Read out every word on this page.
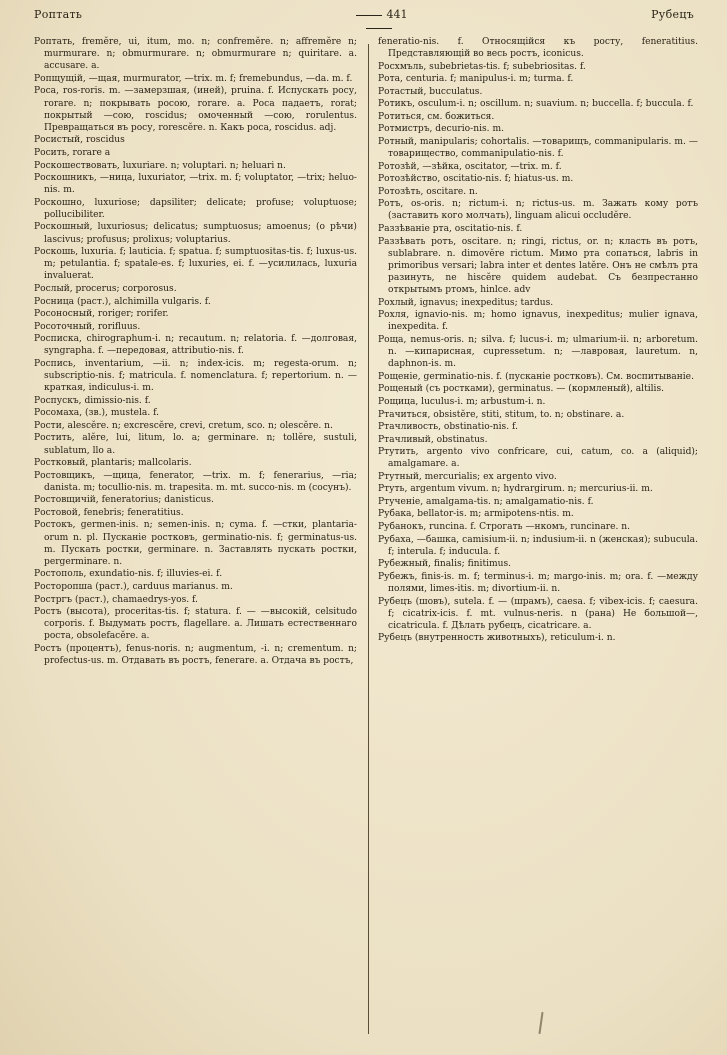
Роптать	441	Рубецъ
Роптать, fremĕre, ui, itum, mo. n; confremĕre. n; affremĕre n; murmurare. n; obmurmurare. n; obmurmurare n; quiritare. a. accusare. a.
Ропщущій, —щая, murmurator, —trix. m. f; fremebundus, —da. m. f.
Роса, ros-roris. m. —замерзшая, (иней), pruina. f. Испускать росу, rorare. n; покрывать росою, rorare. a. Роса падаетъ, rorat; покрытый —сою, roscidus; омоченный —сою, rorulentus. Превращаться въ росу, rorescĕre. n. Какъ роса, roscidus. adj.
Росистый, roscidus
Росить, rorare a
Роскошествовать, luxuriare. n; voluptari. n; heluari n.
Роскошникъ, —ница, luxuriator, —trix. m. f; voluptator, —trix; heluo-nis. m.
Роскошно, luxuriose; dapsiliter; delicate; profuse; voluptuose; pollucibiliter.
Роскошный, luxuriosus; delicatus; sumptuosus; amoenus; (о рѣчи) lascivus; profusus; prolixus; voluptarius.
Роскошь, luxuria. f; lauticia. f; spatua. f; sumptuositas-tis. f; luxus-us. m; petulantia. f; spatale-es. f; luxuries, ei. f. —усилилась, luxuria invaluerat.
Рослый, procerus; corporosus.
Росница (раст.), alchimilla vulgaris. f.
Росоносный, roriger; rorifer.
Росоточный, rorifluus.
Роспиcка, chirographum-i. n; recautum. n; relatoria. f. —долговая, syngrapha. f. —передовая, attributio-nis. f.
Роспись, inventarium, —ii. n; index-icis. m; regesta-orum. n; subscriptio-nis. f; matricula. f. nomenclatura. f; repertorium. n. —краткая, indiculus-i. m.
Роспускъ, dimissio-nis. f.
Росомаха, (зв.), mustela. f.
Рости, alescĕre. n; excrescĕre, crevi, cretum, sco. n; olescĕre. n.
Ростить, alĕre, lui, litum, lo. a; germinare. n; tollĕre, sustuli, sublatum, llo a.
Ростковый, plantaris; mallcolaris.
Ростовщикъ, —щица, fenerator, —trix. m. f; fenerarius, —ria; danista. m; tocullio-nis. m. trapesita. m. mt. succo-nis. m (сосунъ).
Ростовщичій, feneratorius; danisticus.
Ростовой, fenebris; feneratitius.
Ростокъ, germen-inis. n; semen-inis. n; cyma. f. —стки, plantaria-orum n. pl. Пусканіе ростковъ, germinatio-nis. f; germinatus-us. m. Пускать ростки, germinare. n. Заставлять пускать ростки, pergerminare. n.
Ростополь, exundatio-nis. f; illuvies-ei. f.
Росторопша (раст.), carduus marianus. m.
Ростргъ (раст.), chamaedrys-yos. f.
Ростъ (высота), proceritas-tis. f; statura. f. — —высокій, celsitudo corporis. f. Выдумать ростъ, flagellare. a. Лишать естественнаго роста, obsolefacĕre. a.
Ростъ (процентъ), fenus-noris. n; augmentum, -i. n; crementum. n; profectus-us. m. Отдавать въ ростъ, fenerare. a. Отдача въ ростъ,
feneratio-nis. f. Относящійся къ росту, feneratitius. Представляющій во весь ростъ, iconicus.
Росхмъль, subebrietas-tis. f; subebriositas. f.
Рота, centuria. f; manipulus-i. m; turma. f.
Ротастый, bucculatus.
Ротикъ, osculum-i. n; oscillum. n; suavium. n; buccella. f; buccula. f.
Ротиться, см. божиться.
Ротмистръ, decurio-nis. m.
Ротный, manipularis; cohortalis. —товарищъ, commanipularis. m. —товарищество, commanipulatio-nis. f.
Ротозѣй, —зѣйка, oscitator, —trix. m. f.
Ротозѣйство, oscitatio-nis. f; hiatus-us. m.
Ротозѣть, oscitare. n.
Ротъ, os-oris. n; rictum-i. n; rictus-us. m. Зажать кому ротъ (заставить кого молчать), linguam alicui occludĕre.
Раззѣваніе рта, oscitatio-nis. f.
Раззѣвать ротъ, oscitare. n; ringi, rictus, or. n; класть въ ротъ, sublabrare. n. dimovĕre rictum. Мимо рта сопаться, labris in primoribus versari; labra inter et dentes latĕre. Онъ не смѣлъ рта разинуть, ne hiscĕre quidem audebat. Съ безпрестанно открытымъ ртомъ, hinlce. adv
Рохлый, ignavus; inexpeditus; tardus.
Рохля, ignavio-nis. m; homo ignavus, inexpeditus; mulier ignava, inexpedita. f.
Роща, nemus-oris. n; silva. f; lucus-i. m; ulmarium-ii. n; arboretum. n. —кипарисная, cupressetum. n; —лавровая, lauretum. n, daphnon-is. m.
Рощеніе, germinatio-nis. f. (пусканіе ростковъ). См. воспитываніе.
Рощеный (съ ростками), germinatus. — (кормленый), altilis.
Рощица, luculus-i. m; arbustum-i. n.
Ртачиться, obsistĕre, stiti, stitum, to. n; obstinare. a.
Ртачливость, obstinatio-nis. f.
Ртачливый, obstinatus.
Ртутить, argento vivo confricare, cui, catum, co. a (aliquid); amalgamare. a.
Ртутный, mercurialis; ex argento vivo.
Ртуть, argentum vivum. n; hydrargirum. n; mercurius-ii. m.
Ртученіе, amalgama-tis. n; amalgamatio-nis. f.
Рубака, bellator-is. m; armipotens-ntis. m.
Рубанокъ, runcina. f. Строгать —нкомъ, runcinare. n.
Рубаха, —башка, camisium-ii. n; indusium-ii. n (женская); subucula. f; interula. f; inducula. f.
Рубежный, finalis; finitimus.
Рубежъ, finis-is. m. f; terminus-i. m; margo-inis. m; ora. f. —между полями, limes-itis. m; divortium-ii. n.
Рубецъ (шовъ), sutela. f. — (шрамъ), caesa. f; vibex-icis. f; caesura. f; cicatrix-icis. f. mt. vulnus-neris. n (рана) Не большой—, cicatricula. f. Дѣлать рубецъ, cicatricare. a.
Рубецъ (внутренность животныхъ), reticulum-i. n.
